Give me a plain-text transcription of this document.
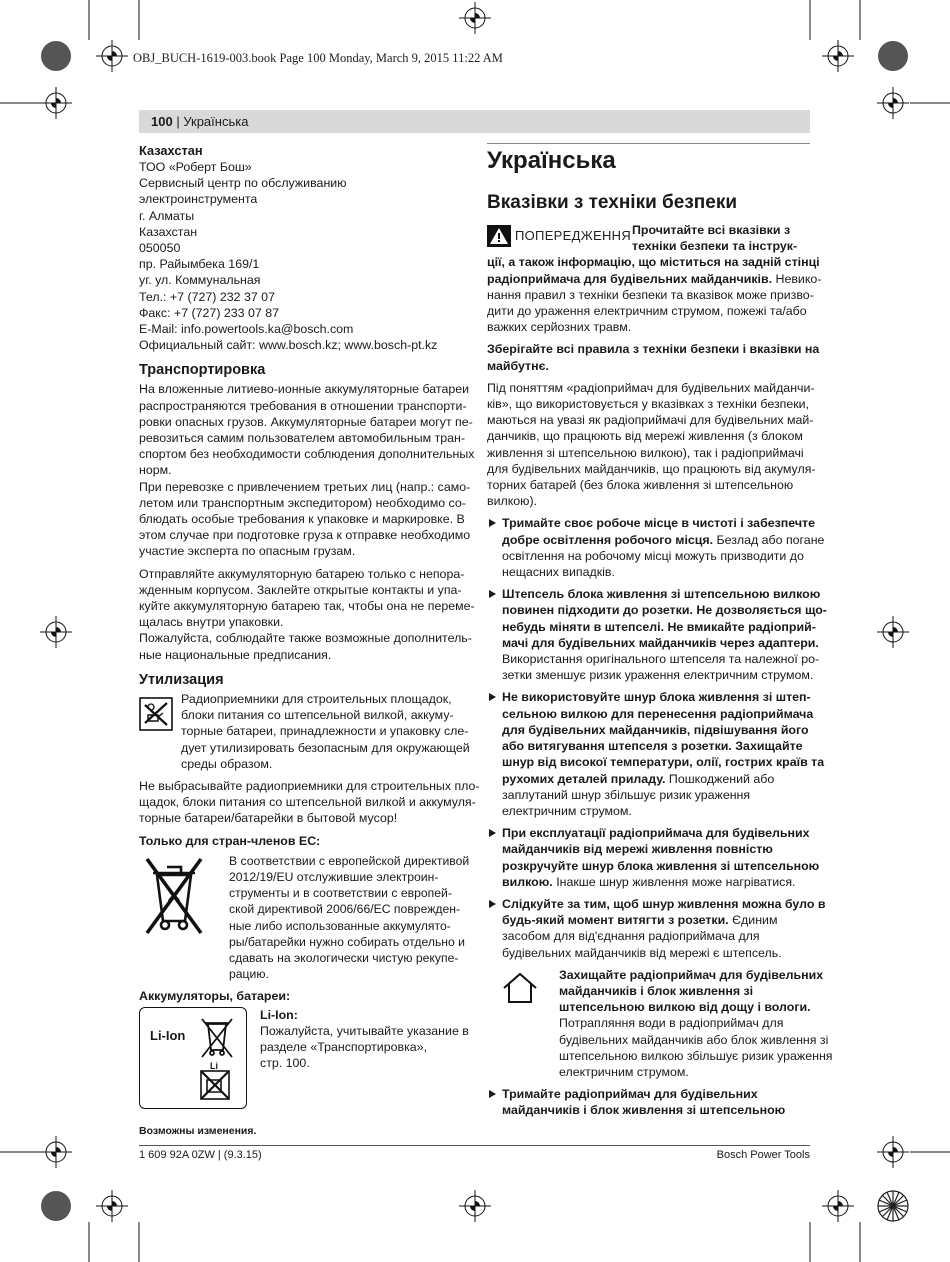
OBJ_BUCH-1619-003.book Page 100 Monday, March 9, 2015 11:22 AM
100 | Українська
Казахстан

ТОО «Роберт Бош»

Сервисный центр по обслуживанию электроинструмента

г. Алматы

Казахстан

050050

пр. Райымбека 169/1

уг. ул. Коммунальная

Тел.: +7 (727) 232 37 07

Факс: +7 (727) 233 07 87

E-Mail: info.powertools.ka@bosch.com

Официальный сайт: www.bosch.kz; www.bosch-pt.kz

Транспортировка

На вложенные литиево-ионные аккумуляторные батареи

распространяются требования в отношении транспорти-

ровки опасных грузов. Аккумуляторные батареи могут пе-

ревозиться самим пользователем автомобильным тран-

спортом без необходимости соблюдения дополнительных

норм.

При перевозке с привлечением третьих лиц (напр.: само-

летом или транспортным экспедитором) необходимо со-

блюдать особые требования к упаковке и маркировке. В

этом случае при подготовке груза к отправке необходимо

участие эксперта по опасным грузам.

Отправляйте аккумуляторную батарею только с непора-

жденным корпусом. Заклейте открытые контакты и упа-

куйте аккумуляторную батарею так, чтобы она не переме-

щалась внутри упаковки.

Пожалуйста, соблюдайте также возможные дополнитель-

ные национальные предписания.

Утилизация

Радиоприемники для строительных площадок,

блоки питания со штепсельной вилкой, аккуму-

торные батареи, принадлежности и упаковку сле-

дует утилизировать безопасным для окружающей

среды образом.

Не выбрасывайте радиоприемники для строительных пло-

щадок, блоки питания со штепсельной вилкой и аккумуля-

торные батареи/батарейки в бытовой мусор!

Только для стран-членов ЕС:

В соответствии с европейской директивой

2012/19/EU отслужившие электроин-

струменты и в соответствии с европей-

ской директивой 2006/66/ЕС поврежден-

ные либо использованные аккумулято-

ры/батарейки нужно собирать отдельно и

сдавать на экологически чистую рекупе-

рацию.

Аккумуляторы, батареи:

Li-Ion
Li

Li-Ion:

Пожалуйста, учитывайте указание в

разделе «Транспортировка»,

стр. 100.

Возможны изменения.

Українська
Вказівки з техніки безпеки
ПОПЕРЕДЖЕННЯ Прочитайте всі вказівки з

техніки безпеки та інструк-

ції, а також інформацію, що міститься на задній стінці

радіоприймача для будівельних майданчиків. Невико-

нання правил з техніки безпеки та вказівок може призво-

дити до ураження електричним струмом, пожежі та/або

важких серйозних травм.

Зберігайте всі правила з техніки безпеки і вказівки на

майбутнє.

Під поняттям «радіоприймач для будівельних майданчи-

ків», що використовується у вказівках з техніки безпеки,

маються на увазі як радіоприймачі для будівельних май-

данчиків, що працюють від мережі живлення (з блоком

живлення зі штепсельною вилкою), так і радіоприймачі

для будівельних майданчиків, що працюють від акумуля-

торних батарей (без блока живлення зі штепсельною

вилкою).

Тримайте своє робоче місце в чистоті і забезпечте

добре освітлення робочого місця. Безлад або погане

освітлення на робочому місці можуть призводити до

нещасних випадків.

Штепсель блока живлення зі штепсельною вилкою

повинен підходити до розетки. Не дозволяється що-

небудь міняти в штепселі. Не вмикайте радіоприй-

мачі для будівельних майданчиків через адаптери.

Використання оригінального штепселя та належної ро-

зетки зменшує ризик ураження електричним струмом.

Не використовуйте шнур блока живлення зі штеп-

сельною вилкою для перенесення радіоприймача

для будівельних майданчиків, підвішування його

або витягування штепселя з розетки. Захищайте

шнур від високої температури, олії, гострих країв та

рухомих деталей приладу. Пошкоджений або

заплутаний шнур збільшує ризик ураження

електричним струмом.

При експлуатації радіоприймача для будівельних

майданчиків від мережі живлення повністю

розкручуйте шнур блока живлення зі штепсельною

вилкою. Інакше шнур живлення може нагріватися.

Слідкуйте за тим, щоб шнур живлення можна було в

будь-який момент витягти з розетки. Єдиним

засобом для від'єднання радіоприймача для

будівельних майданчиків від мережі є штепсель.

Захищайте радіоприймач для будівельних

майданчиків і блок живлення зі

штепсельною вилкою від дощу і вологи.

Потрапляння води в радіоприймач для

будівельних майданчиків або блок живлення зі

штепсельною вилкою збільшує ризик ураження

електричним струмом.

Тримайте радіоприймач для будівельних

майданчиків і блок живлення зі штепсельною

1 609 92A 0ZW | (9.3.15)	Bosch Power Tools
